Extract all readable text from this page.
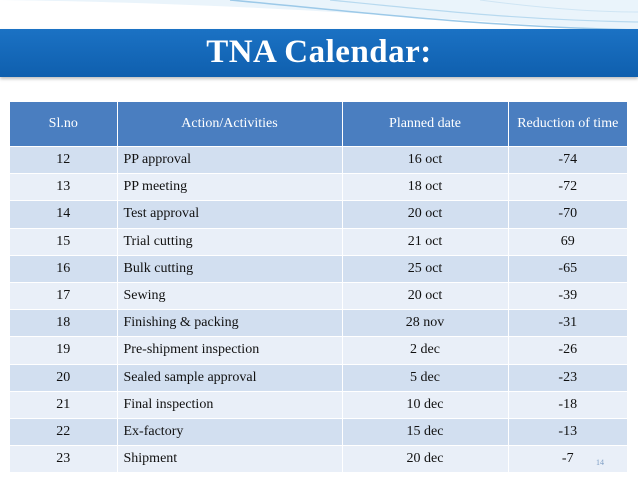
TNA Calendar:
Sl.no	Action/Activities	Planned date	Reduction of time
12	PP approval	16 oct	-74
13	PP meeting	18 oct	-72
14	Test approval	20 oct	-70
15	Trial cutting	21 oct	69
16	Bulk cutting	25 oct	-65
17	Sewing	20 oct	-39
18	Finishing & packing	28 nov	-31
19	Pre-shipment inspection	2 dec	-26
20	Sealed sample approval	5 dec	-23
21	Final inspection	10 dec	-18
22	Ex-factory	15 dec	-13
23	Shipment	20 dec	-7	14
